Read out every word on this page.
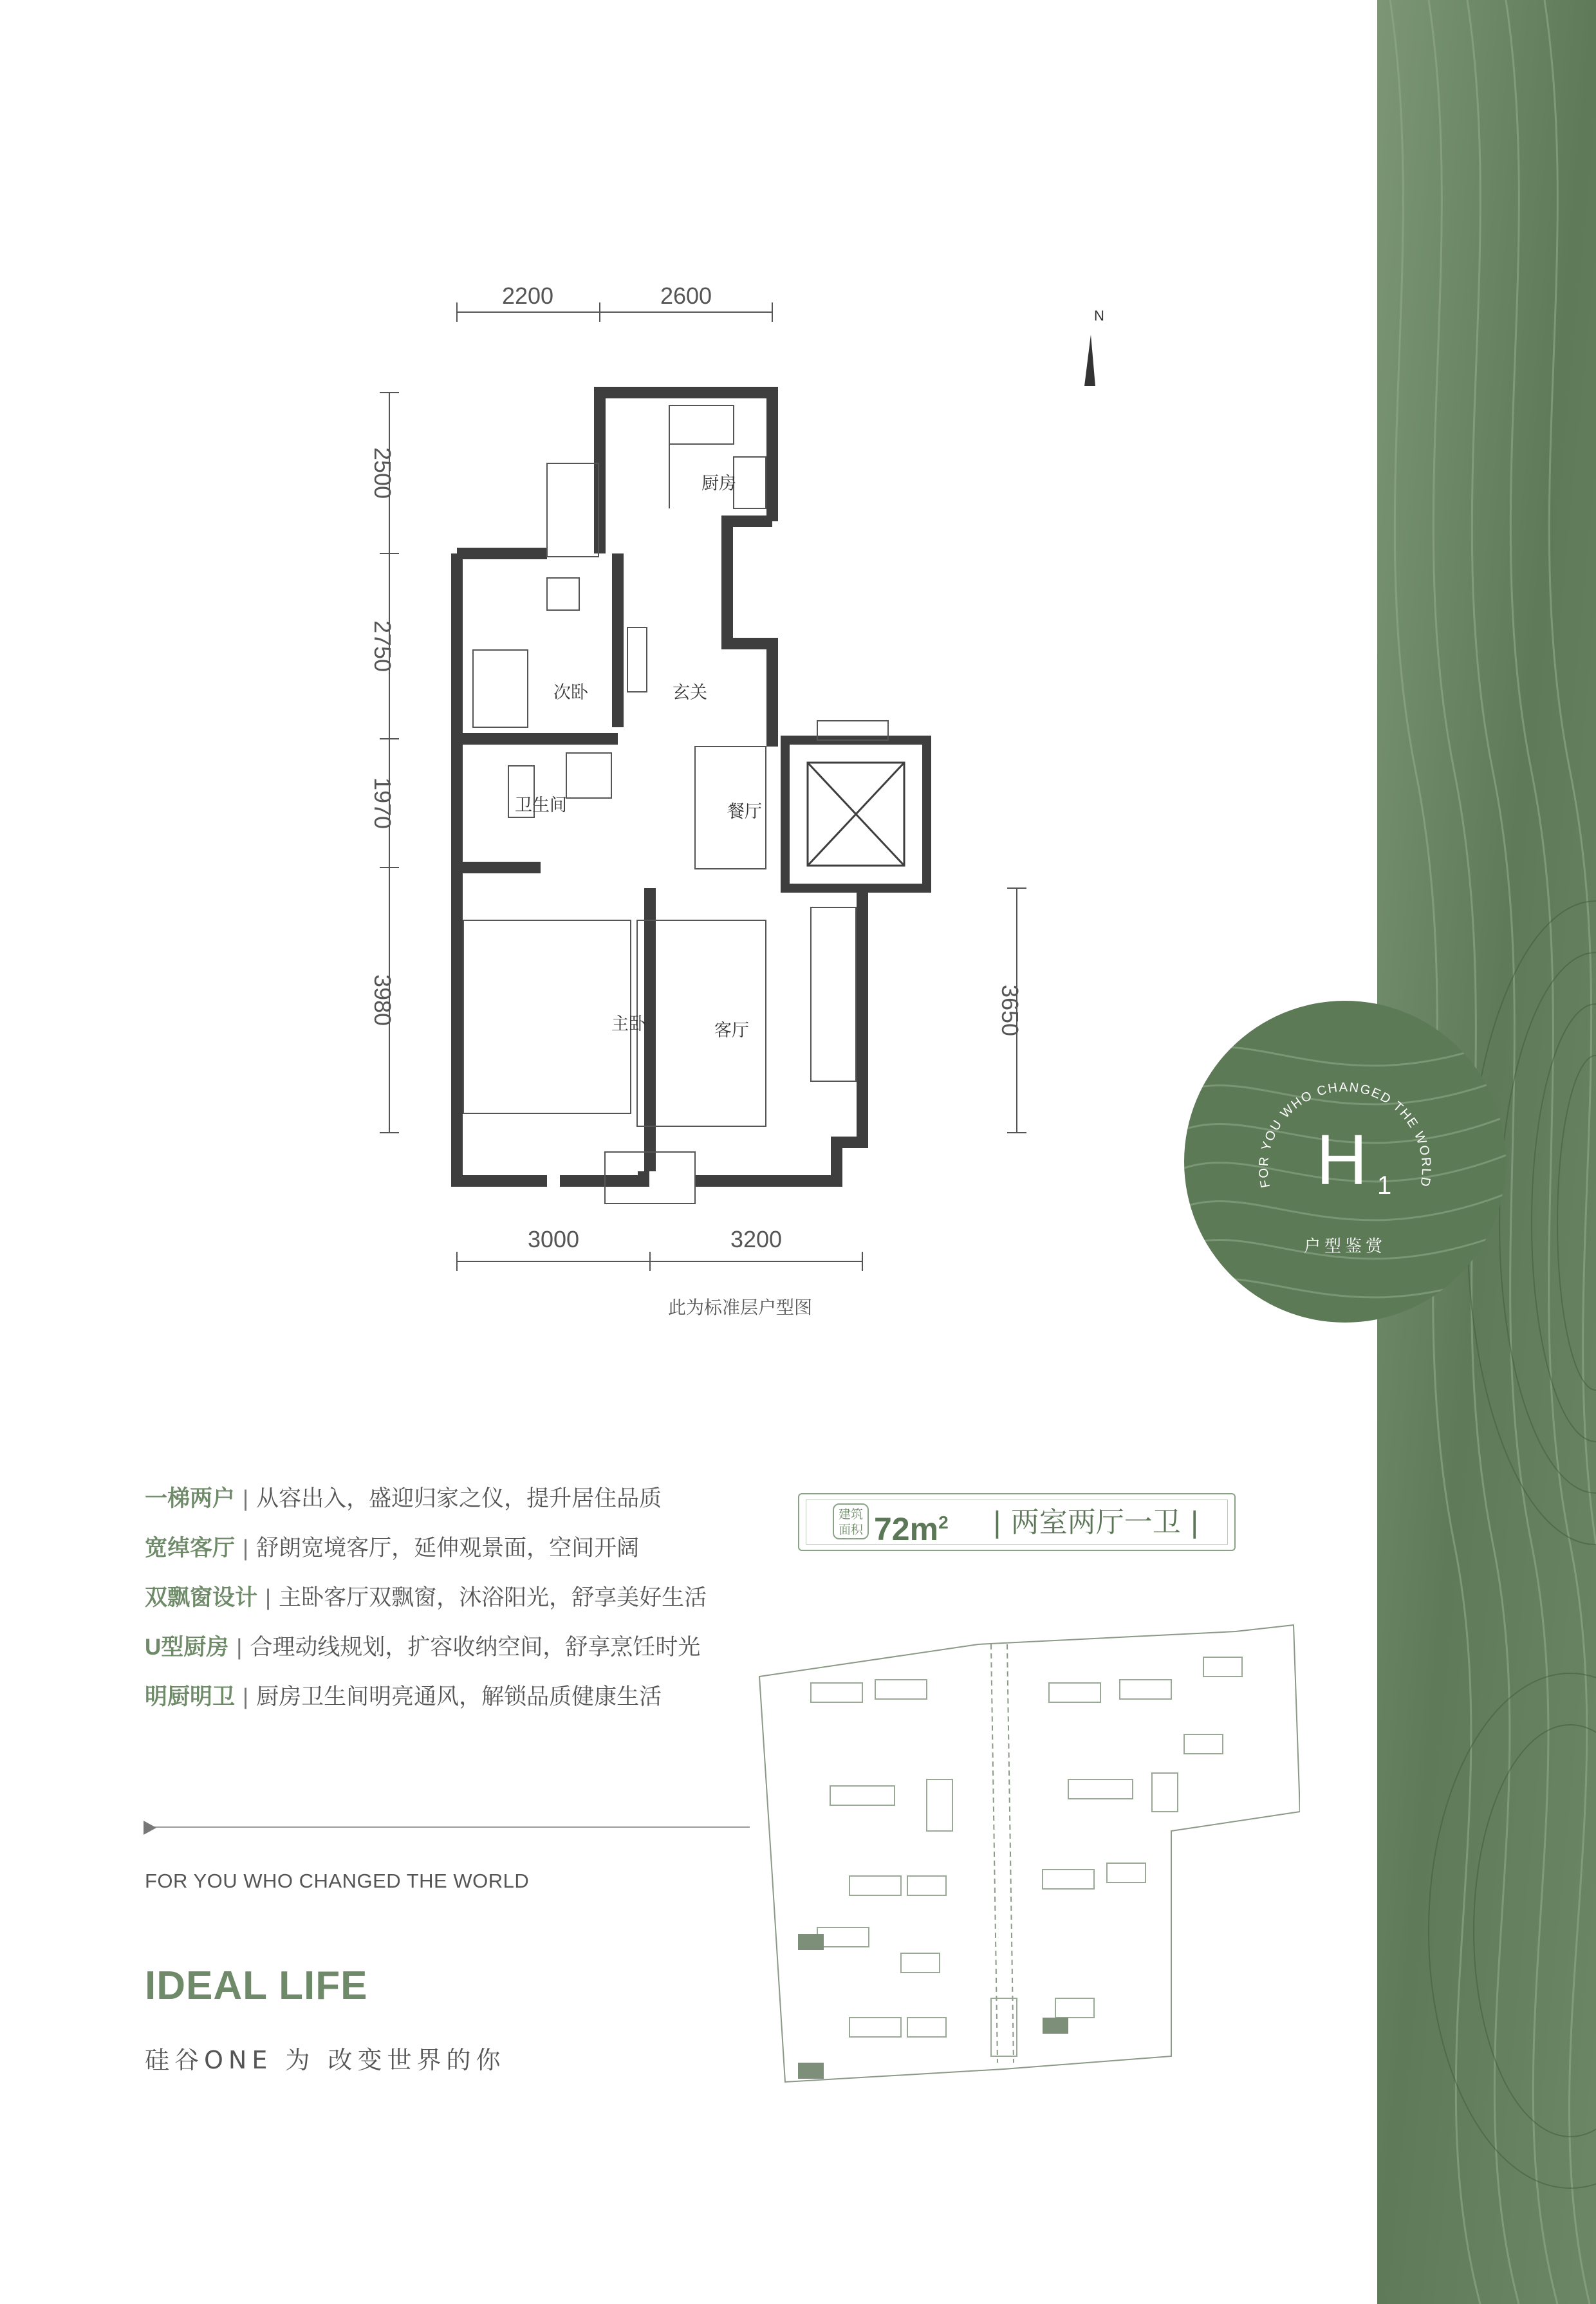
FOR YOU WHO CHANGED THE WORLD
H 1
户型鉴赏
厨房
次卧	玄关
卫生间	餐厅
主卧	客厅
2200	2600
2500
2750
1970
3980	3650
3000	3200
N
此为标准层户型图
一梯两户 | 从容出入，盛迎归家之仪，提升居住品质
宽绰客厅 | 舒朗宽境客厅，延伸观景面，空间开阔
双飘窗设计 | 主卧客厅双飘窗，沐浴阳光，舒享美好生活
U型厨房 | 合理动线规划，扩容收纳空间，舒享烹饪时光
明厨明卫 | 厨房卫生间明亮通风，解锁品质健康生活
建筑
面积 $72m^2$ | 两室两厅一卫 |
FOR YOU WHO CHANGED THE WORLD
IDEAL LIFE
硅谷ONE 为 改变世界的你
